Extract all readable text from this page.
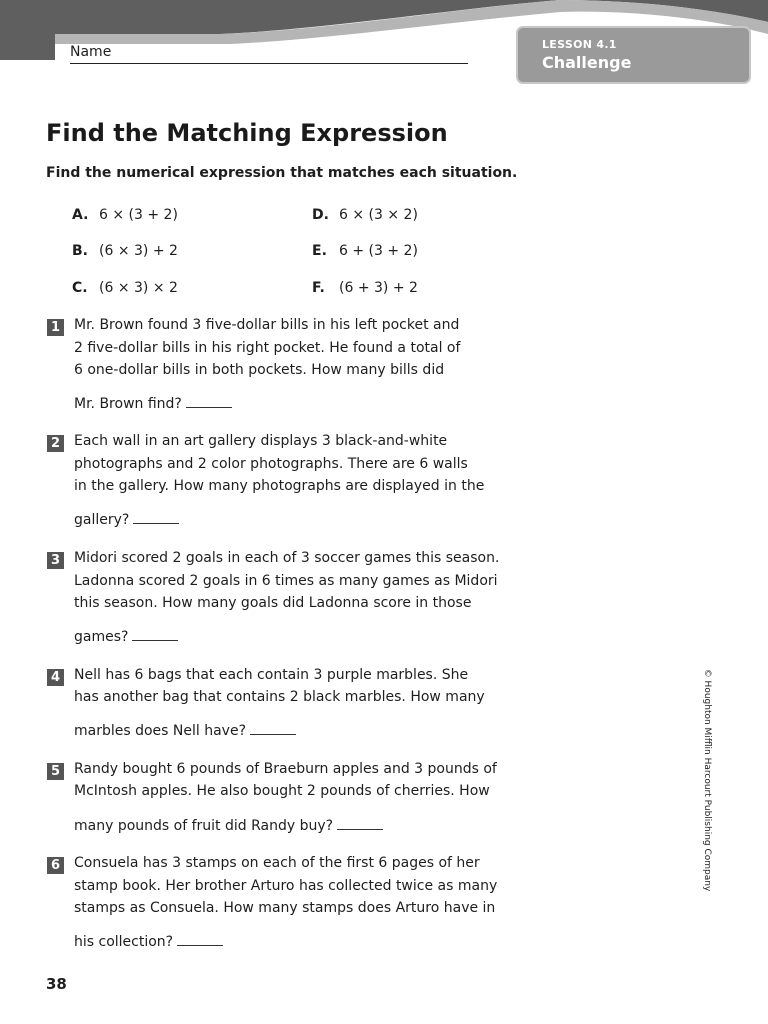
Name	LESSON 4.1
Challenge
Find the Matching Expression
Find the numerical expression that matches each situation.
A. 6 × (3 + 2)
B. (6 × 3) + 2
C. (6 × 3) × 2
D. 6 × (3 × 2)
E. 6 + (3 + 2)
F. (6 + 3) + 2
1 Mr. Brown found 3 five-dollar bills in his left pocket and
2 five-dollar bills in his right pocket. He found a total of
6 one-dollar bills in both pockets. How many bills did
Mr. Brown find?
2 Each wall in an art gallery displays 3 black-and-white
photographs and 2 color photographs. There are 6 walls
in the gallery. How many photographs are displayed in the
gallery?
3 Midori scored 2 goals in each of 3 soccer games this season.
Ladonna scored 2 goals in 6 times as many games as Midori
this season. How many goals did Ladonna score in those
games?
4 Nell has 6 bags that each contain 3 purple marbles. She
has another bag that contains 2 black marbles. How many
marbles does Nell have?
5 Randy bought 6 pounds of Braeburn apples and 3 pounds of
McIntosh apples. He also bought 2 pounds of cherries. How
many pounds of fruit did Randy buy?
6 Consuela has 3 stamps on each of the first 6 pages of her
stamp book. Her brother Arturo has collected twice as many
stamps as Consuela. How many stamps does Arturo have in
his collection?
© Houghton Mifflin Harcourt Publishing Company
38
